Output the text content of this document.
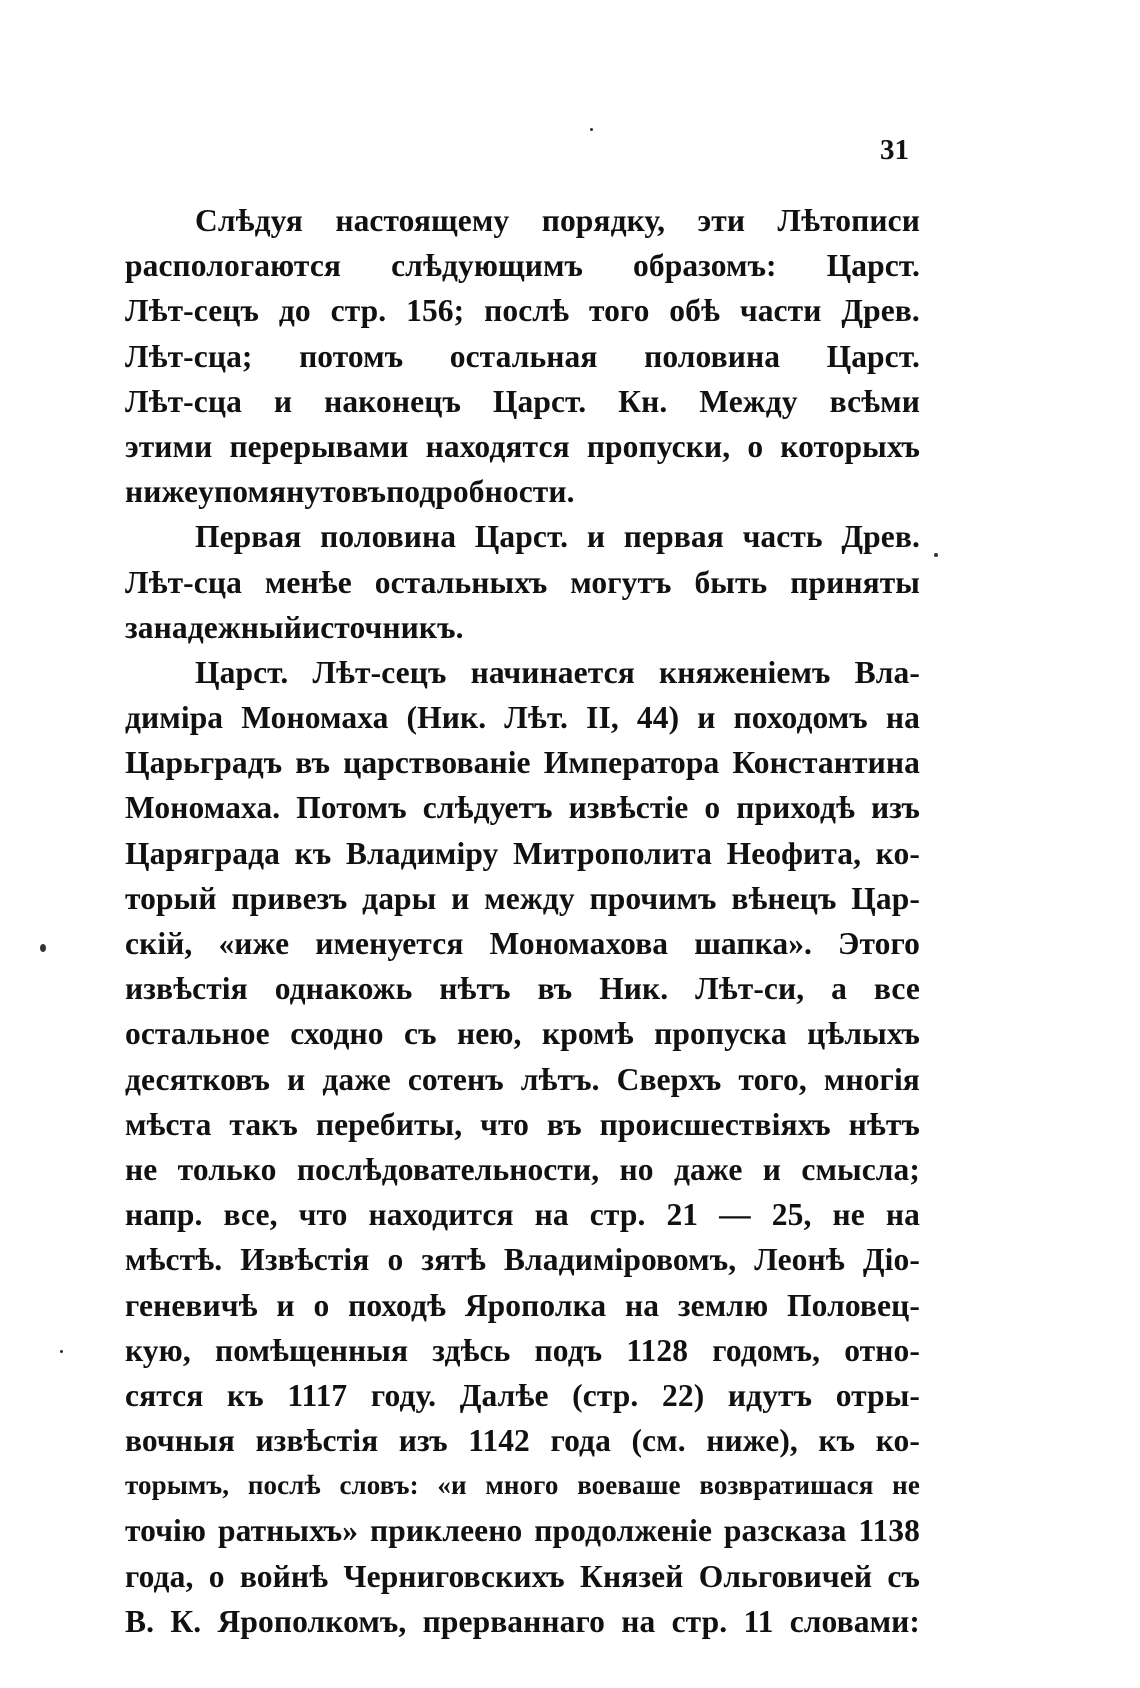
31
Слѣдуя настоящему порядку, эти Лѣтописи
распологаются слѣдующимъ образомъ: Царст.
Лѣт-сецъ до стр. 156; послѣ того обѣ части Древ.
Лѣт-сца; потомъ остальная половина Царст.
Лѣт-сца и наконецъ Царст. Кн. Между всѣми
этими перерывами находятся пропуски, о которыхъ
ниже упомянуто въ подробности.
Первая половина Царст. и первая часть Древ.
Лѣт-сца менѣе остальныхъ могутъ быть приняты
за надежный источникъ.
Царст. Лѣт-сецъ начинается княженіемъ Вла-
диміра Мономаха (Ник. Лѣт. II, 44) и походомъ на
Царьградъ въ царствованіе Императора Константина
Мономаха. Потомъ слѣдуетъ извѣстіе о приходѣ изъ
Царяграда къ Владиміру Митрополита Неофита, ко-
торый привезъ дары и между прочимъ вѣнецъ Цар-
скій, «иже именуется Мономахова шапка». Этого
извѣстія однакожь нѣтъ въ Ник. Лѣт-си, а все
остальное сходно съ нею, кромѣ пропуска цѣлыхъ
десятковъ и даже сотенъ лѣтъ. Сверхъ того, многія
мѣста такъ перебиты, что въ происшествіяхъ нѣтъ
не только послѣдовательности, но даже и смысла;
напр. все, что находится на стр. 21 — 25, не на
мѣстѣ. Извѣстія о зятѣ Владиміровомъ, Леонѣ Діо-
геневичѣ и о походѣ Ярополка на землю Половец-
кую, помѣщенныя здѣсь подъ 1128 годомъ, отно-
сятся къ 1117 году. Далѣе (стр. 22) идутъ отры-
вочныя извѣстія изъ 1142 года (см. ниже), къ ко-
торымъ, послѣ словъ: «и много воеваше возвратишася не
точію ратныхъ» приклеено продолженіе разсказа 1138
года, о войнѣ Черниговскихъ Князей Ольговичей съ
В. К. Ярополкомъ, прерваннаго на стр. 11 словами:
